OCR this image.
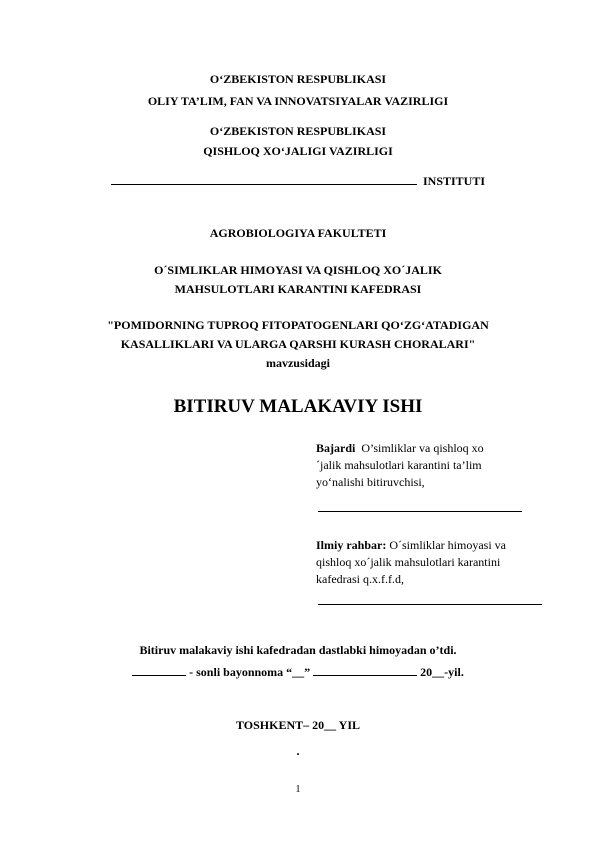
O‘ZBEKISTON RESPUBLIKASI
OLIY TA’LIM, FAN VA INNOVATSIYALAR VAZIRLIGI
O‘ZBEKISTON RESPUBLIKASI
QISHLOQ XO‘JALIGI VAZIRLIGI
INSTITUTI
AGROBIOLOGIYA FAKULTETI
O´SIMLIKLAR HIMOYASI VA QISHLOQ XO´JALIK
MAHSULOTLARI KARANTINI KAFEDRASI
"POMIDORNING TUPROQ FITOPATOGENLARI QO‘ZG‘ATADIGAN
KASALLIKLARI VA ULARGA QARSHI KURASH CHORALARI"
mavzusidagi
BITIRUV MALAKAVIY ISHI
Bajardi O’simliklar va qishloq xo
´jalik mahsulotlari karantini ta’lim
yo‘nalishi bitiruvchisi,
Ilmiy rahbar: O´simliklar himoyasi va
qishloq xo´jalik mahsulotlari karantini
kafedrasi q.x.f.f.d,
Bitiruv malakaviy ishi kafedradan dastlabki himoyadan o’tdi.
- sonli bayonnoma “__”	20__-yil.
TOSHKENT– 20__ YIL
.
1
